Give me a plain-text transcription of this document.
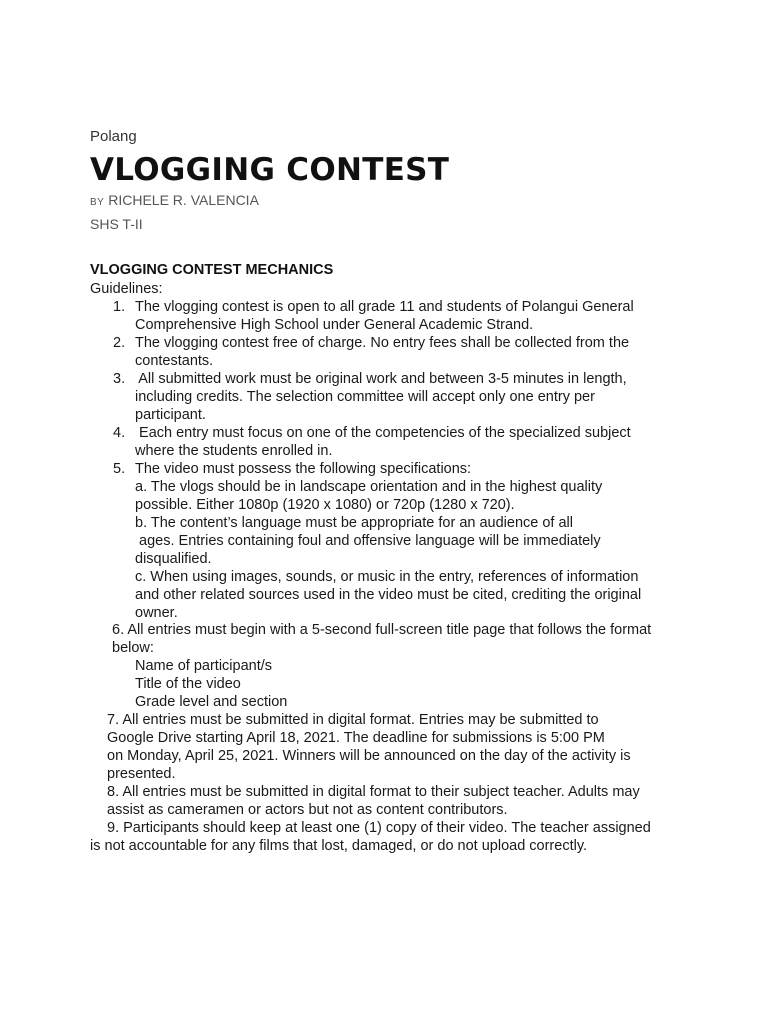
Polang
VLOGGING CONTEST
BY RICHELE R. VALENCIA
SHS T-II
VLOGGING CONTEST MECHANICS
Guidelines:
1. The vlogging contest is open to all grade 11 and students of Polangui General
Comprehensive High School under General Academic Strand.
2. The vlogging contest free of charge. No entry fees shall be collected from the
contestants.
3. All submitted work must be original work and between 3-5 minutes in length,
including credits. The selection committee will accept only one entry per
participant.
4. Each entry must focus on one of the competencies of the specialized subject
where the students enrolled in.
5. The video must possess the following specifications:
a. The vlogs should be in landscape orientation and in the highest quality
possible. Either 1080p (1920 x 1080) or 720p (1280 x 720).
b. The content’s language must be appropriate for an audience of all
ages. Entries containing foul and offensive language will be immediately
disqualified.
c. When using images, sounds, or music in the entry, references of information
and other related sources used in the video must be cited, crediting the original
owner.
6. All entries must begin with a 5-second full-screen title page that follows the format
below:
Name of participant/s
Title of the video
Grade level and section
7. All entries must be submitted in digital format. Entries may be submitted to
Google Drive starting April 18, 2021. The deadline for submissions is 5:00 PM
on Monday, April 25, 2021. Winners will be announced on the day of the activity is
presented.
8. All entries must be submitted in digital format to their subject teacher. Adults may
assist as cameramen or actors but not as content contributors.
9. Participants should keep at least one (1) copy of their video. The teacher assigned
is not accountable for any films that lost, damaged, or do not upload correctly.
